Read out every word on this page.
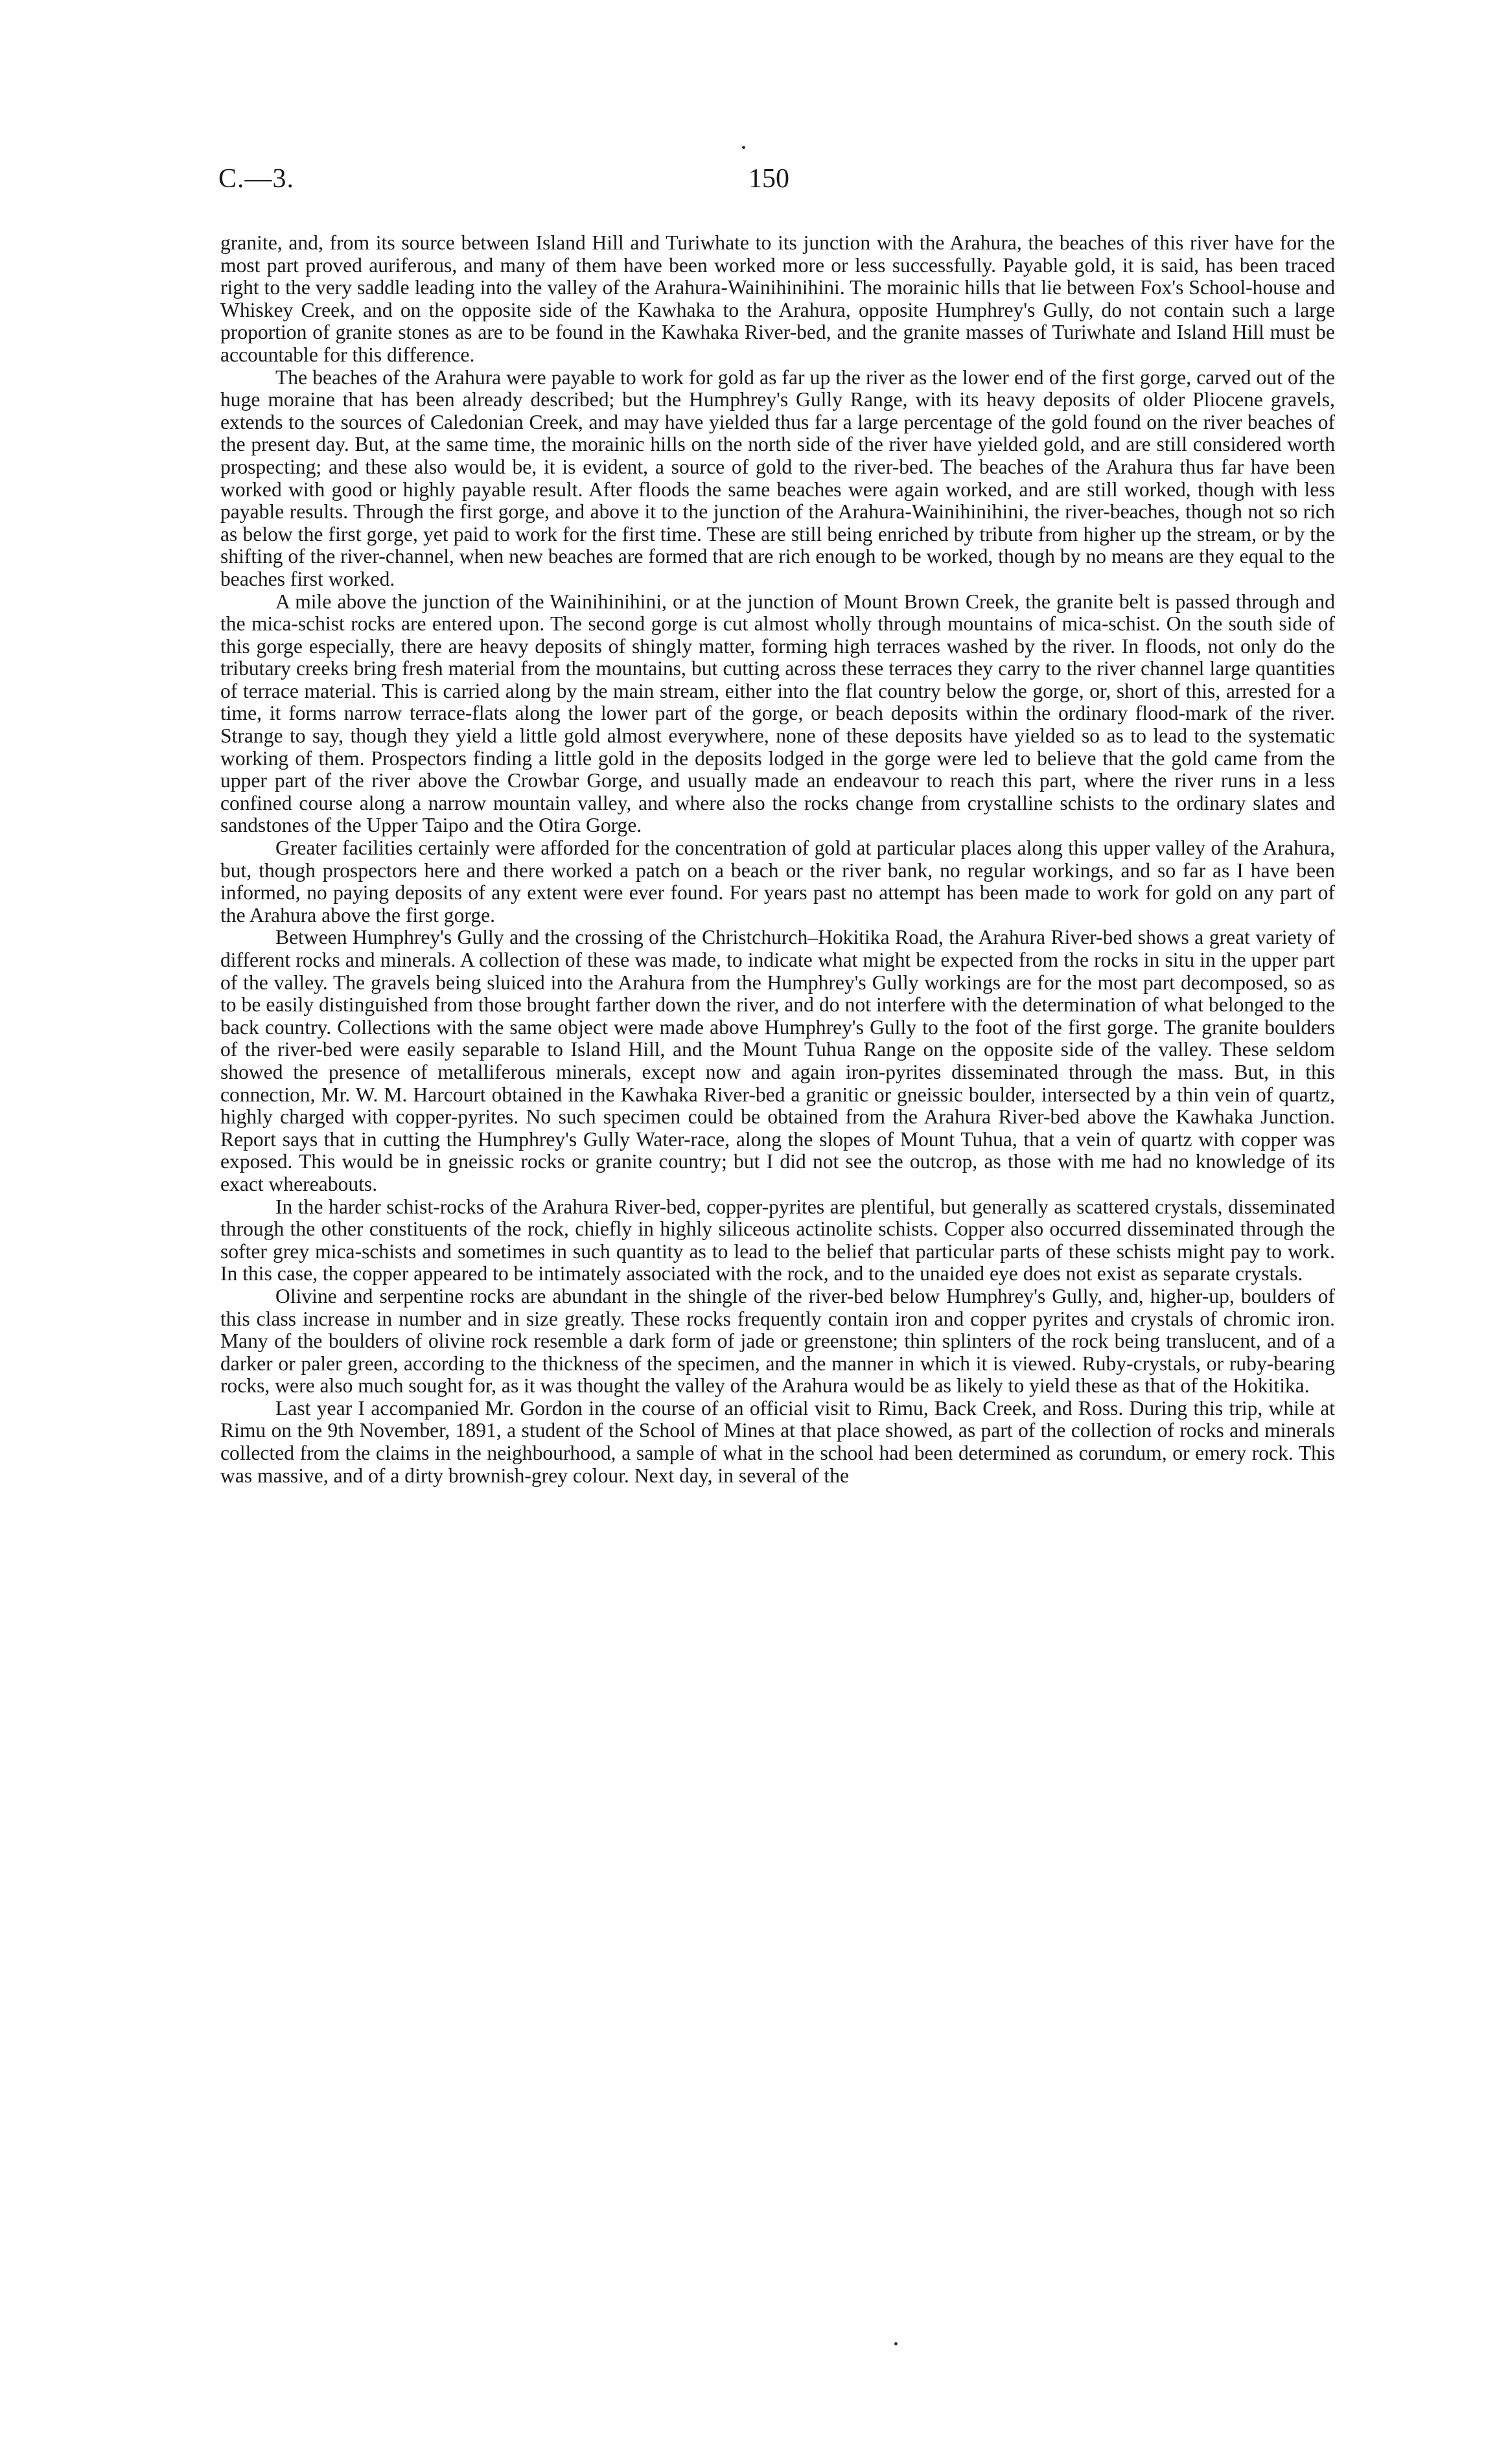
C.—3.	150

granite, and, from its source between Island Hill and Turiwhate to its junction with the Arahura, the beaches of this river have for the most part proved auriferous, and many of them have been worked more or less successfully. Payable gold, it is said, has been traced right to the very saddle leading into the valley of the Arahura-Wainihinihini. The morainic hills that lie between Fox's School-house and Whiskey Creek, and on the opposite side of the Kawhaka to the Arahura, opposite Humphrey's Gully, do not contain such a large proportion of granite stones as are to be found in the Kawhaka River-bed, and the granite masses of Turiwhate and Island Hill must be accountable for this difference.

The beaches of the Arahura were payable to work for gold as far up the river as the lower end of the first gorge, carved out of the huge moraine that has been already described; but the Humphrey's Gully Range, with its heavy deposits of older Pliocene gravels, extends to the sources of Caledonian Creek, and may have yielded thus far a large percentage of the gold found on the river beaches of the present day. But, at the same time, the morainic hills on the north side of the river have yielded gold, and are still considered worth prospecting; and these also would be, it is evident, a source of gold to the river-bed. The beaches of the Arahura thus far have been worked with good or highly payable result. After floods the same beaches were again worked, and are still worked, though with less payable results. Through the first gorge, and above it to the junction of the Arahura-Wainihinihini, the river-beaches, though not so rich as below the first gorge, yet paid to work for the first time. These are still being enriched by tribute from higher up the stream, or by the shifting of the river-channel, when new beaches are formed that are rich enough to be worked, though by no means are they equal to the beaches first worked.

A mile above the junction of the Wainihinihini, or at the junction of Mount Brown Creek, the granite belt is passed through and the mica-schist rocks are entered upon. The second gorge is cut almost wholly through mountains of mica-schist. On the south side of this gorge especially, there are heavy deposits of shingly matter, forming high terraces washed by the river. In floods, not only do the tributary creeks bring fresh material from the mountains, but cutting across these terraces they carry to the river channel large quantities of terrace material. This is carried along by the main stream, either into the flat country below the gorge, or, short of this, arrested for a time, it forms narrow terrace-flats along the lower part of the gorge, or beach deposits within the ordinary flood-mark of the river. Strange to say, though they yield a little gold almost everywhere, none of these deposits have yielded so as to lead to the systematic working of them. Prospectors finding a little gold in the deposits lodged in the gorge were led to believe that the gold came from the upper part of the river above the Crowbar Gorge, and usually made an endeavour to reach this part, where the river runs in a less confined course along a narrow mountain valley, and where also the rocks change from crystalline schists to the ordinary slates and sandstones of the Upper Taipo and the Otira Gorge.

Greater facilities certainly were afforded for the concentration of gold at particular places along this upper valley of the Arahura, but, though prospectors here and there worked a patch on a beach or the river bank, no regular workings, and so far as I have been informed, no paying deposits of any extent were ever found. For years past no attempt has been made to work for gold on any part of the Arahura above the first gorge.

Between Humphrey's Gully and the crossing of the Christchurch–Hokitika Road, the Arahura River-bed shows a great variety of different rocks and minerals. A collection of these was made, to indicate what might be expected from the rocks in situ in the upper part of the valley. The gravels being sluiced into the Arahura from the Humphrey's Gully workings are for the most part decomposed, so as to be easily distinguished from those brought farther down the river, and do not interfere with the determination of what belonged to the back country. Collections with the same object were made above Humphrey's Gully to the foot of the first gorge. The granite boulders of the river-bed were easily separable to Island Hill, and the Mount Tuhua Range on the opposite side of the valley. These seldom showed the presence of metalliferous minerals, except now and again iron-pyrites disseminated through the mass. But, in this connection, Mr. W. M. Harcourt obtained in the Kawhaka River-bed a granitic or gneissic boulder, intersected by a thin vein of quartz, highly charged with copper-pyrites. No such specimen could be obtained from the Arahura River-bed above the Kawhaka Junction. Report says that in cutting the Humphrey's Gully Water-race, along the slopes of Mount Tuhua, that a vein of quartz with copper was exposed. This would be in gneissic rocks or granite country; but I did not see the outcrop, as those with me had no knowledge of its exact whereabouts.

In the harder schist-rocks of the Arahura River-bed, copper-pyrites are plentiful, but generally as scattered crystals, disseminated through the other constituents of the rock, chiefly in highly siliceous actinolite schists. Copper also occurred disseminated through the softer grey mica-schists and sometimes in such quantity as to lead to the belief that particular parts of these schists might pay to work. In this case, the copper appeared to be intimately associated with the rock, and to the unaided eye does not exist as separate crystals.

Olivine and serpentine rocks are abundant in the shingle of the river-bed below Humphrey's Gully, and, higher-up, boulders of this class increase in number and in size greatly. These rocks frequently contain iron and copper pyrites and crystals of chromic iron. Many of the boulders of olivine rock resemble a dark form of jade or greenstone; thin splinters of the rock being translucent, and of a darker or paler green, according to the thickness of the specimen, and the manner in which it is viewed. Ruby-crystals, or ruby-bearing rocks, were also much sought for, as it was thought the valley of the Arahura would be as likely to yield these as that of the Hokitika.

Last year I accompanied Mr. Gordon in the course of an official visit to Rimu, Back Creek, and Ross. During this trip, while at Rimu on the 9th November, 1891, a student of the School of Mines at that place showed, as part of the collection of rocks and minerals collected from the claims in the neighbourhood, a sample of what in the school had been determined as corundum, or emery rock. This was massive, and of a dirty brownish-grey colour. Next day, in several of the
